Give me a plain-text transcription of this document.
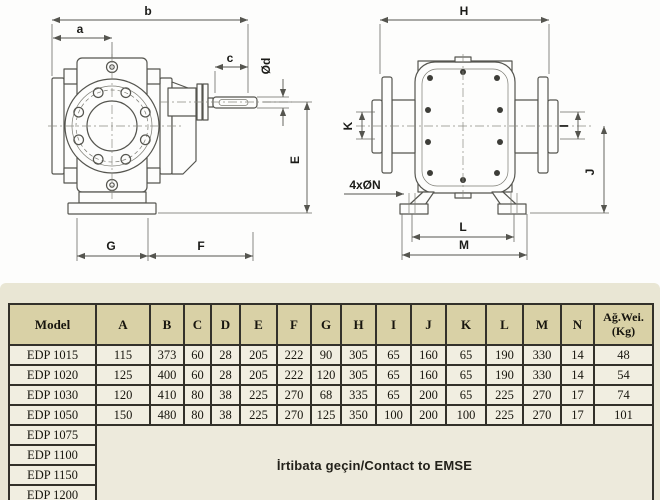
b
a
c Ød
E
G	F
H
K	I
J
4xØN
L
M
Model	A	B	C	D	E	F	G	H	I	J	K	L	M	N	Ağ.Wei.
(Kg)

EDP 1015	115	373	60	28	205	222	90	305	65	160	65	190	330	14	48
EDP 1020	125	400	60	28	205	222	120	305	65	160	65	190	330	14	54
EDP 1030	120	410	80	38	225	270	68	335	65	200	65	225	270	17	74
EDP 1050	150	480	80	38	225	270	125	350	100	200	100	225	270	17	101
EDP 1075	İrtibata geçin/Contact to EMSE														
EDP 1100															
EDP 1150															
EDP 1200															
